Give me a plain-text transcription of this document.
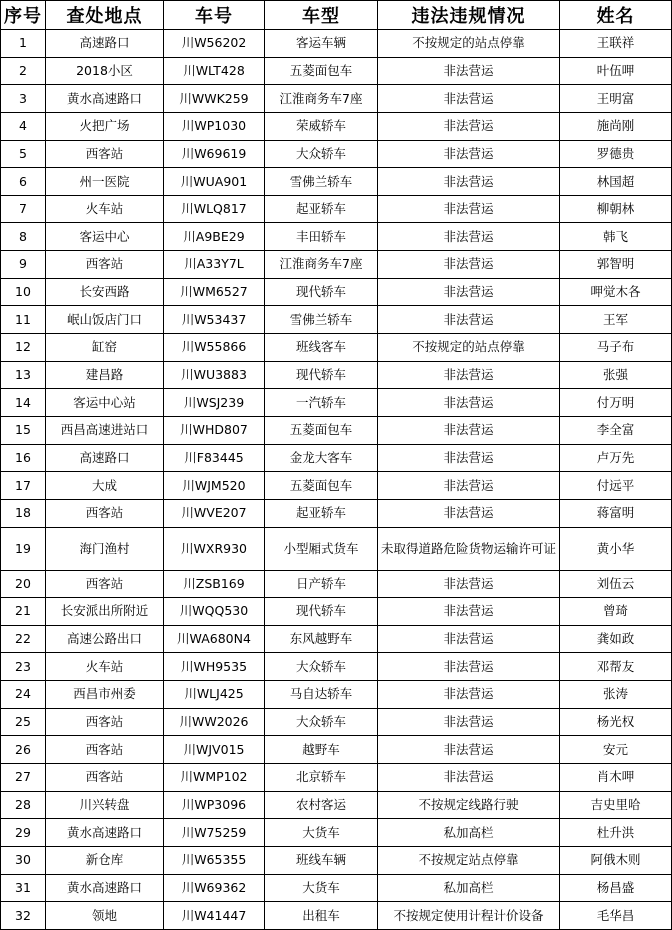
序号	查处地点	车号	车型	违法违规情况	姓名
1	高速路口	川W56202	客运车辆	不按规定的站点停靠	王联祥
2	2018小区	川WLT428	五菱面包车	非法营运	叶伍呷
3	黄水高速路口	川WWK259	江淮商务车7座	非法营运	王明富
4	火把广场	川WP1030	荣威轿车	非法营运	施尚刚
5	西客站	川W69619	大众轿车	非法营运	罗德贵
6	州一医院	川WUA901	雪佛兰轿车	非法营运	林国超
7	火车站	川WLQ817	起亚轿车	非法营运	柳朝林
8	客运中心	川A9BE29	丰田轿车	非法营运	韩飞
9	西客站	川A33Y7L	江淮商务车7座	非法营运	郭智明
10	长安西路	川WM6527	现代轿车	非法营运	呷觉木各
11	岷山饭店门口	川W53437	雪佛兰轿车	非法营运	王军
12	缸窑	川W55866	班线客车	不按规定的站点停靠	马子布
13	建昌路	川WU3883	现代轿车	非法营运	张强
14	客运中心站	川WSJ239	一汽轿车	非法营运	付万明
15	西昌高速进站口	川WHD807	五菱面包车	非法营运	李全富
16	高速路口	川F83445	金龙大客车	非法营运	卢万先
17	大成	川WJM520	五菱面包车	非法营运	付远平
18	西客站	川WVE207	起亚轿车	非法营运	蒋富明
19	海门渔村	川WXR930	小型厢式货车	未取得道路危险货物运输许可证	黄小华
20	西客站	川ZSB169	日产轿车	非法营运	刘伍云
21	长安派出所附近	川WQQ530	现代轿车	非法营运	曾琦
22	高速公路出口	川WA680N4	东风越野车	非法营运	龚如政
23	火车站	川WH9535	大众轿车	非法营运	邓帮友
24	西昌市州委	川WLJ425	马自达轿车	非法营运	张涛
25	西客站	川WW2026	大众轿车	非法营运	杨光权
26	西客站	川WJV015	越野车	非法营运	安元
27	西客站	川WMP102	北京轿车	非法营运	肖木呷
28	川兴转盘	川WP3096	农村客运	不按规定线路行驶	吉史里哈
29	黄水高速路口	川W75259	大货车	私加高栏	杜升洪
30	新仓库	川W65355	班线车辆	不按规定站点停靠	阿俄木则
31	黄水高速路口	川W69362	大货车	私加高栏	杨昌盛
32	领地	川W41447	出租车	不按规定使用计程计价设备	毛华昌
